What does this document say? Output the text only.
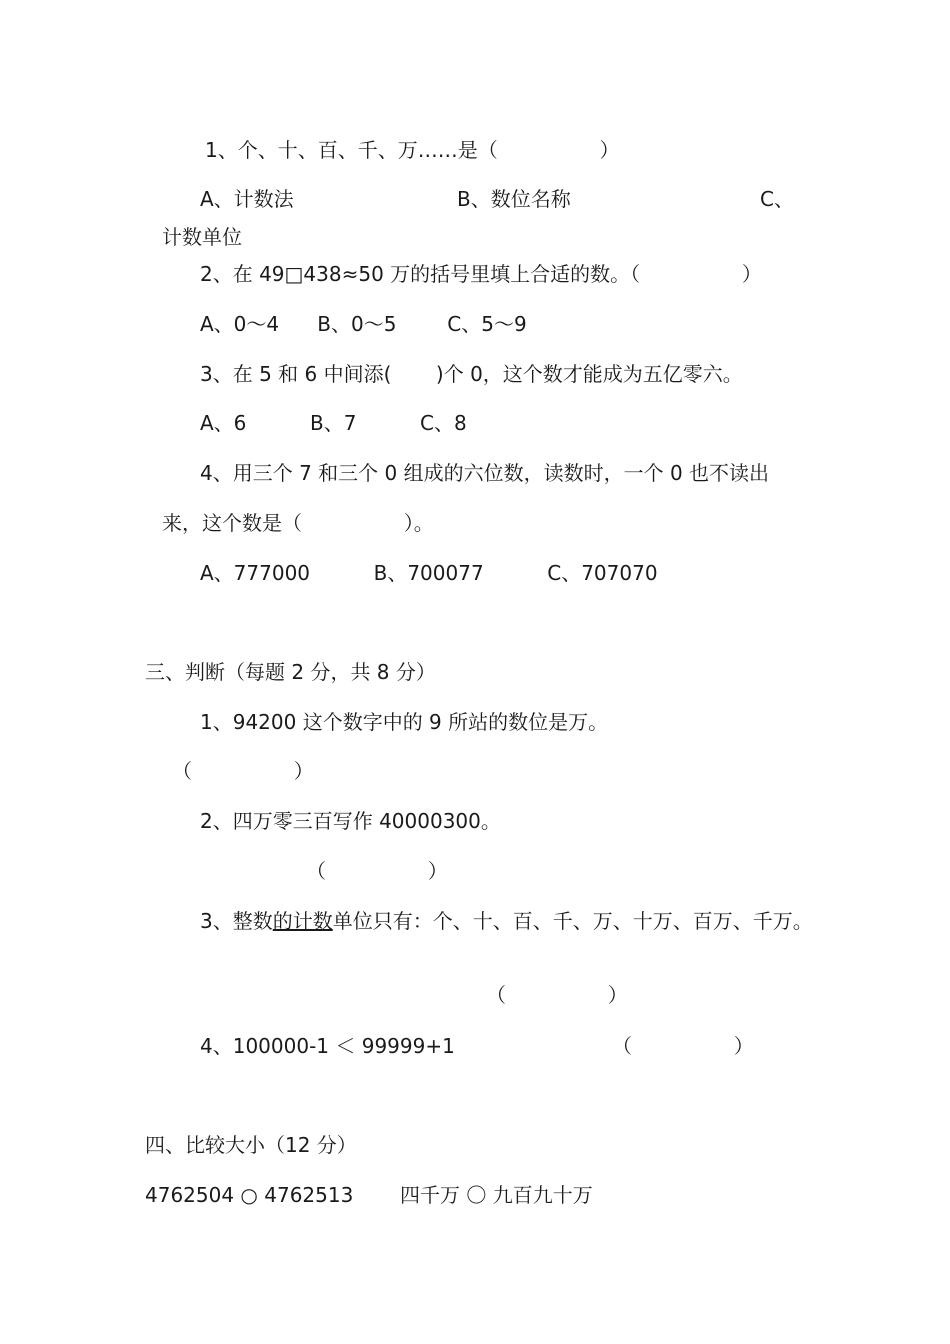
1、个、十、百、千、万……是（                ）
A、计数法	B、数位名称	C、
计数单位
2、在 49□438≈50 万的括号里填上合适的数。（                ）
A、0～4      B、0～5        C、5～9
3、在 5 和 6 中间添(       )个 0，这个数才能成为五亿零六。
A、6          B、7          C、8
4、用三个 7 和三个 0 组成的六位数，读数时，一个 0 也不读出
来，这个数是（                ）。
A、777000          B、700077          C、707070
三、判断（每题 2 分，共 8 分）
1、94200 这个数字中的 9 所站的数位是万。
（                ）
2、四万零三百写作 40000300。
（                ）
3、整数的计数单位只有：个、十、百、千、万、十万、百万、千万。
（                ）
4、100000-1 ＜ 99999+1	（                ）
四、比较大小（12 分）
4762504 ○ 4762513 四千万 〇 九百九十万
